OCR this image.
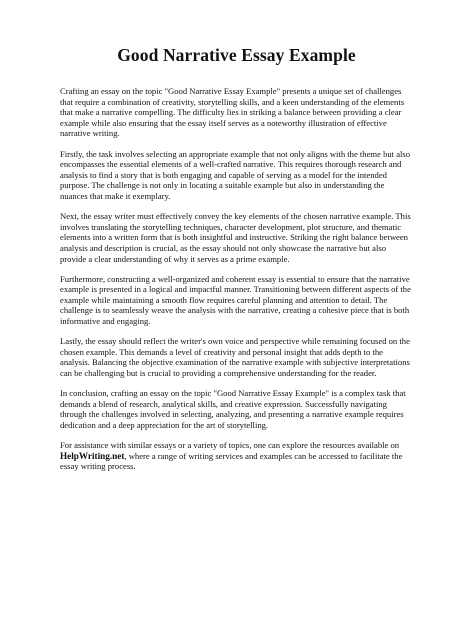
Good Narrative Essay Example

Crafting an essay on the topic "Good Narrative Essay Example" presents a unique set of challenges that require a combination of creativity, storytelling skills, and a keen understanding of the elements that make a narrative compelling. The difficulty lies in striking a balance between providing a clear example while also ensuring that the essay itself serves as a noteworthy illustration of effective narrative writing.

Firstly, the task involves selecting an appropriate example that not only aligns with the theme but also encompasses the essential elements of a well-crafted narrative. This requires thorough research and analysis to find a story that is both engaging and capable of serving as a model for the intended purpose. The challenge is not only in locating a suitable example but also in understanding the nuances that make it exemplary.

Next, the essay writer must effectively convey the key elements of the chosen narrative example. This involves translating the storytelling techniques, character development, plot structure, and thematic elements into a written form that is both insightful and instructive. Striking the right balance between analysis and description is crucial, as the essay should not only showcase the narrative but also provide a clear understanding of why it serves as a prime example.

Furthermore, constructing a well-organized and coherent essay is essential to ensure that the narrative example is presented in a logical and impactful manner. Transitioning between different aspects of the example while maintaining a smooth flow requires careful planning and attention to detail. The challenge is to seamlessly weave the analysis with the narrative, creating a cohesive piece that is both informative and engaging.

Lastly, the essay should reflect the writer's own voice and perspective while remaining focused on the chosen example. This demands a level of creativity and personal insight that adds depth to the analysis. Balancing the objective examination of the narrative example with subjective interpretations can be challenging but is crucial to providing a comprehensive understanding for the reader.

In conclusion, crafting an essay on the topic "Good Narrative Essay Example" is a complex task that demands a blend of research, analytical skills, and creative expression. Successfully navigating through the challenges involved in selecting, analyzing, and presenting a narrative example requires dedication and a deep appreciation for the art of storytelling.

For assistance with similar essays or a variety of topics, one can explore the resources available on HelpWriting.net, where a range of writing services and examples can be accessed to facilitate the essay writing process.
